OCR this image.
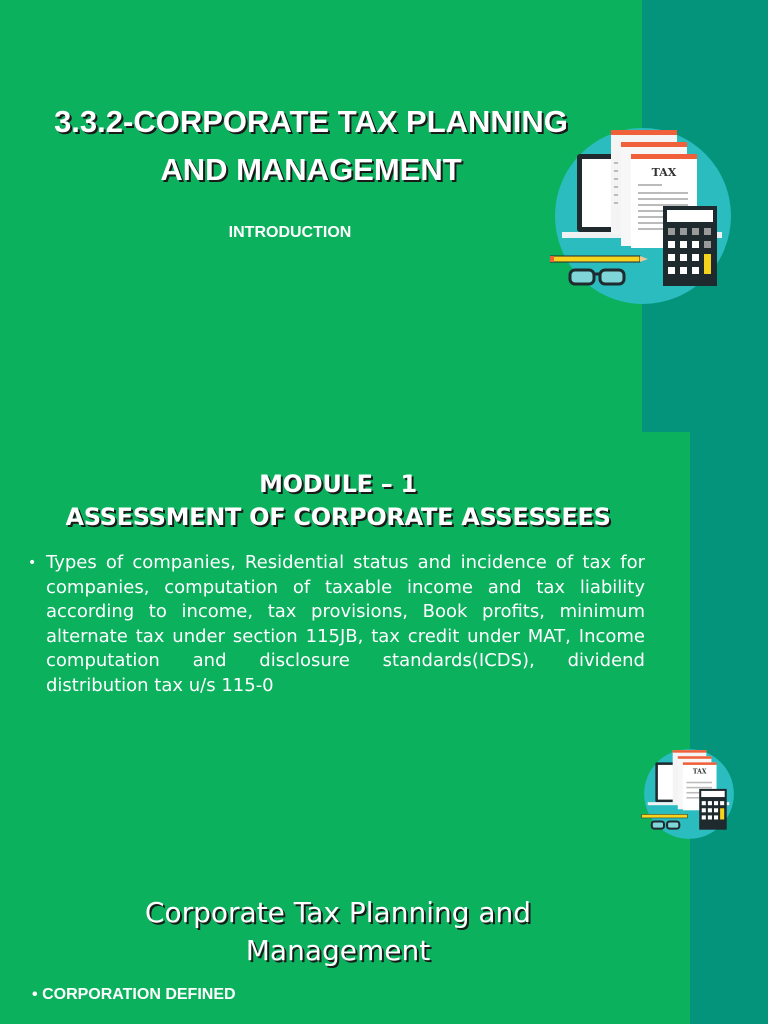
3.3.2-CORPORATE TAX PLANNING
AND MANAGEMENT
INTRODUCTION
TAX
MODULE – 1
ASSESSMENT OF CORPORATE ASSESSEES
• Types of companies, Residential status and incidence of tax for companies, computation of taxable income and tax liability according to income, tax provisions, Book profits, minimum alternate tax under section 115JB, tax credit under MAT, Income computation and disclosure standards(ICDS), dividend distribution tax u/s 115-0
TAX
Corporate Tax Planning and
Management
• CORPORATION DEFINED
